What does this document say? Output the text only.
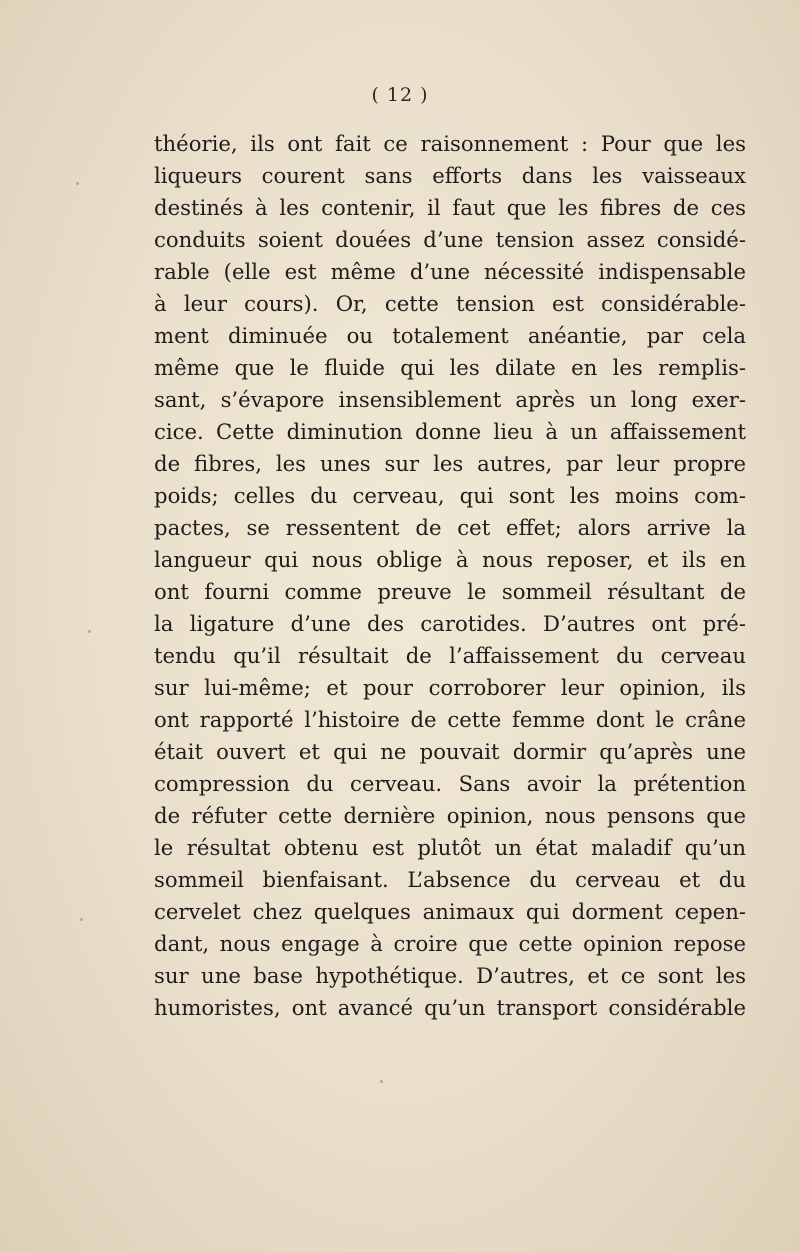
( 12 )
théorie, ils ont fait ce raisonnement : Pour que les
liqueurs courent sans efforts dans les vaisseaux
destinés à les contenir, il faut que les fibres de ces
conduits soient douées d’une tension assez considé-
rable (elle est même d’une nécessité indispensable
à leur cours). Or, cette tension est considérable-
ment diminuée ou totalement anéantie, par cela
même que le fluide qui les dilate en les remplis-
sant, s’évapore insensiblement après un long exer-
cice. Cette diminution donne lieu à un affaissement
de fibres, les unes sur les autres, par leur propre
poids; celles du cerveau, qui sont les moins com-
pactes, se ressentent de cet effet; alors arrive la
langueur qui nous oblige à nous reposer, et ils en
ont fourni comme preuve le sommeil résultant de
la ligature d’une des carotides. D’autres ont pré-
tendu qu’il résultait de l’affaissement du cerveau
sur lui-même; et pour corroborer leur opinion, ils
ont rapporté l’histoire de cette femme dont le crâne
était ouvert et qui ne pouvait dormir qu’après une
compression du cerveau. Sans avoir la prétention
de réfuter cette dernière opinion, nous pensons que
le résultat obtenu est plutôt un état maladif qu’un
sommeil bienfaisant. L’absence du cerveau et du
cervelet chez quelques animaux qui dorment cepen-
dant, nous engage à croire que cette opinion repose
sur une base hypothétique. D’autres, et ce sont les
humoristes, ont avancé qu’un transport considérable
